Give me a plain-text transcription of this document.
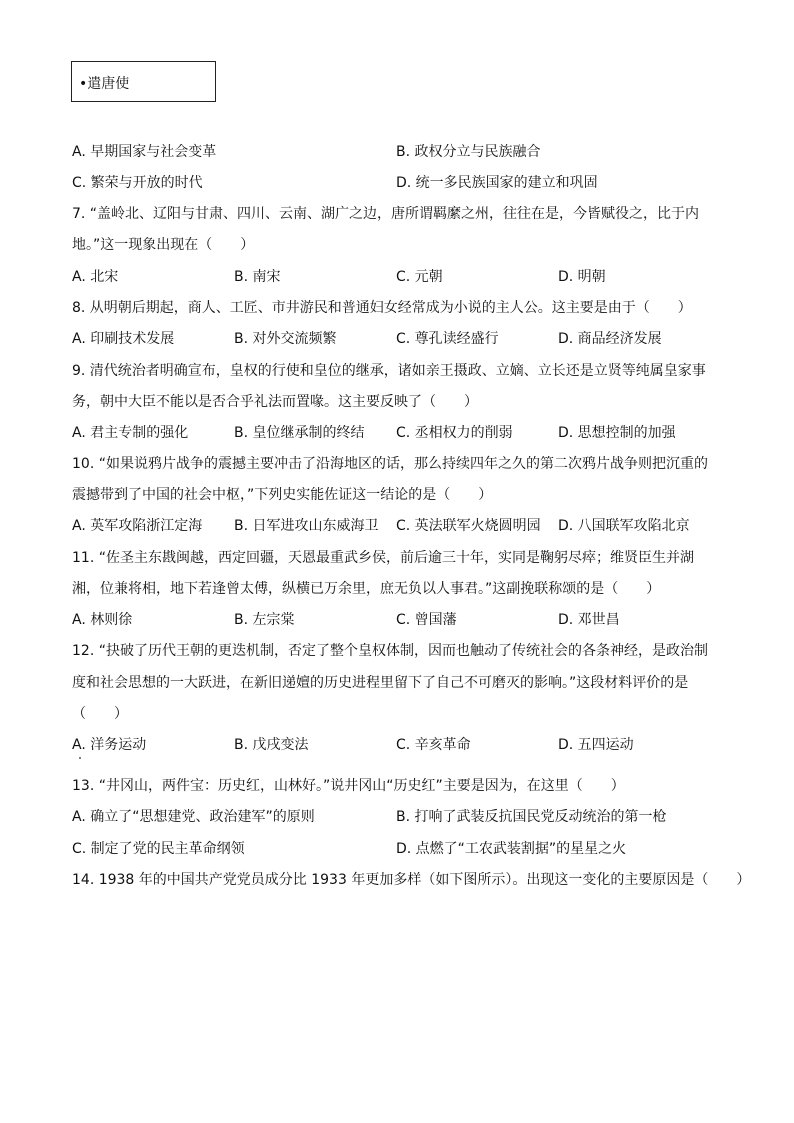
•遣唐使
A. 早期国家与社会变革	B. 政权分立与民族融合
C. 繁荣与开放的时代	D. 统一多民族国家的建立和巩固
7. “盖岭北、辽阳与甘肃、四川、云南、湖广之边，唐所谓羁縻之州，往往在是，今皆赋役之，比于内
地。”这一现象出现在（　　）
A. 北宋	B. 南宋	C. 元朝	D. 明朝
8. 从明朝后期起，商人、工匠、市井游民和普通妇女经常成为小说的主人公。这主要是由于（　　）
A. 印刷技术发展	B. 对外交流频繁	C. 尊孔读经盛行	D. 商品经济发展
9. 清代统治者明确宣布，皇权的行使和皇位的继承，诸如亲王摄政、立嫡、立长还是立贤等纯属皇家事
务，朝中大臣不能以是否合乎礼法而置喙。这主要反映了（　　）
A. 君主专制的强化	B. 皇位继承制的终结 C. 丞相权力的削弱	D. 思想控制的加强
10. “如果说鸦片战争的震撼主要冲击了沿海地区的话，那么持续四年之久的第二次鸦片战争则把沉重的
震撼带到了中国的社会中枢，”下列史实能佐证这一结论的是（　　）
A. 英军攻陷浙江定海 B. 日军进攻山东威海卫 C. 英法联军火烧圆明园 D. 八国联军攻陷北京
11. “佐圣主东戡闽越，西定回疆，天恩最重武乡侯，前后逾三十年，实同是鞠躬尽瘁；维贤臣生并湖
湘，位兼将相，地下若逢曾太傅，纵横已万余里，庶无负以人事君。”这副挽联称颂的是（　　）
A. 林则徐	B. 左宗棠	C. 曾国藩	D. 邓世昌
12. “抉破了历代王朝的更迭机制，否定了整个皇权体制，因而也触动了传统社会的各条神经，是政治制
度和社会思想的一大跃进，在新旧递嬗的历史进程里留下了自己不可磨灭的影响。”这段材料评价的是
（　　）
A. 洋务运动	B. 戊戌变法	C. 辛亥革命	D. 五四运动
13. “井冈山，两件宝：历史红，山林好。”说井冈山“历史红”主要是因为，在这里（　　）
A. 确立了“思想建党、政治建军”的原则	B. 打响了武装反抗国民党反动统治的第一枪
C. 制定了党的民主革命纲领	D. 点燃了“工农武装割据”的星星之火
14. 1938 年的中国共产党党员成分比 1933 年更加多样（如下图所示）。出现这一变化的主要原因是（　　）
